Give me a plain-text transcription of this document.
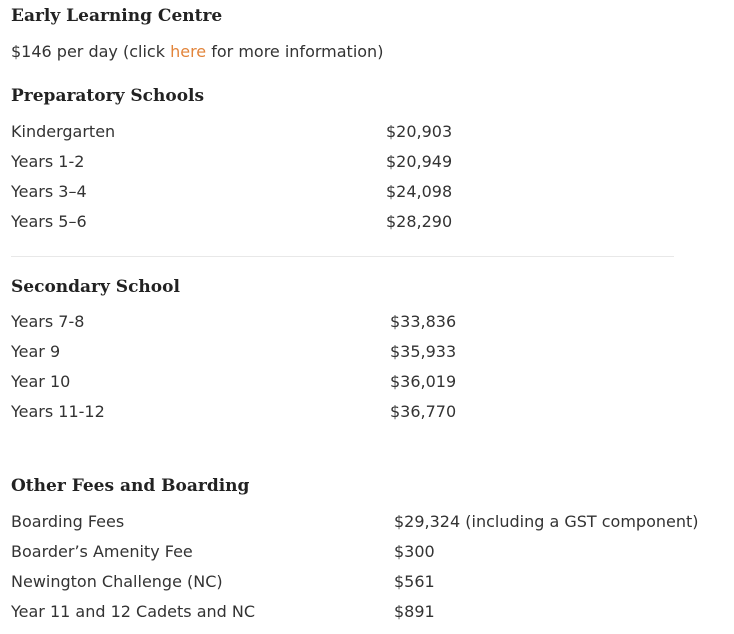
Early Learning Centre
$146 per day (click here for more information)
Preparatory Schools
Kindergarten	$20,903
Years 1-2	$20,949
Years 3–4	$24,098
Years 5–6	$28,290
Secondary School
Years 7-8	$33,836
Year 9	$35,933
Year 10	$36,019
Years 11-12	$36,770
Other Fees and Boarding
Boarding Fees	$29,324 (including a GST component)
Boarder’s Amenity Fee	$300
Newington Challenge (NC)	$561
Year 11 and 12 Cadets and NC	$891
